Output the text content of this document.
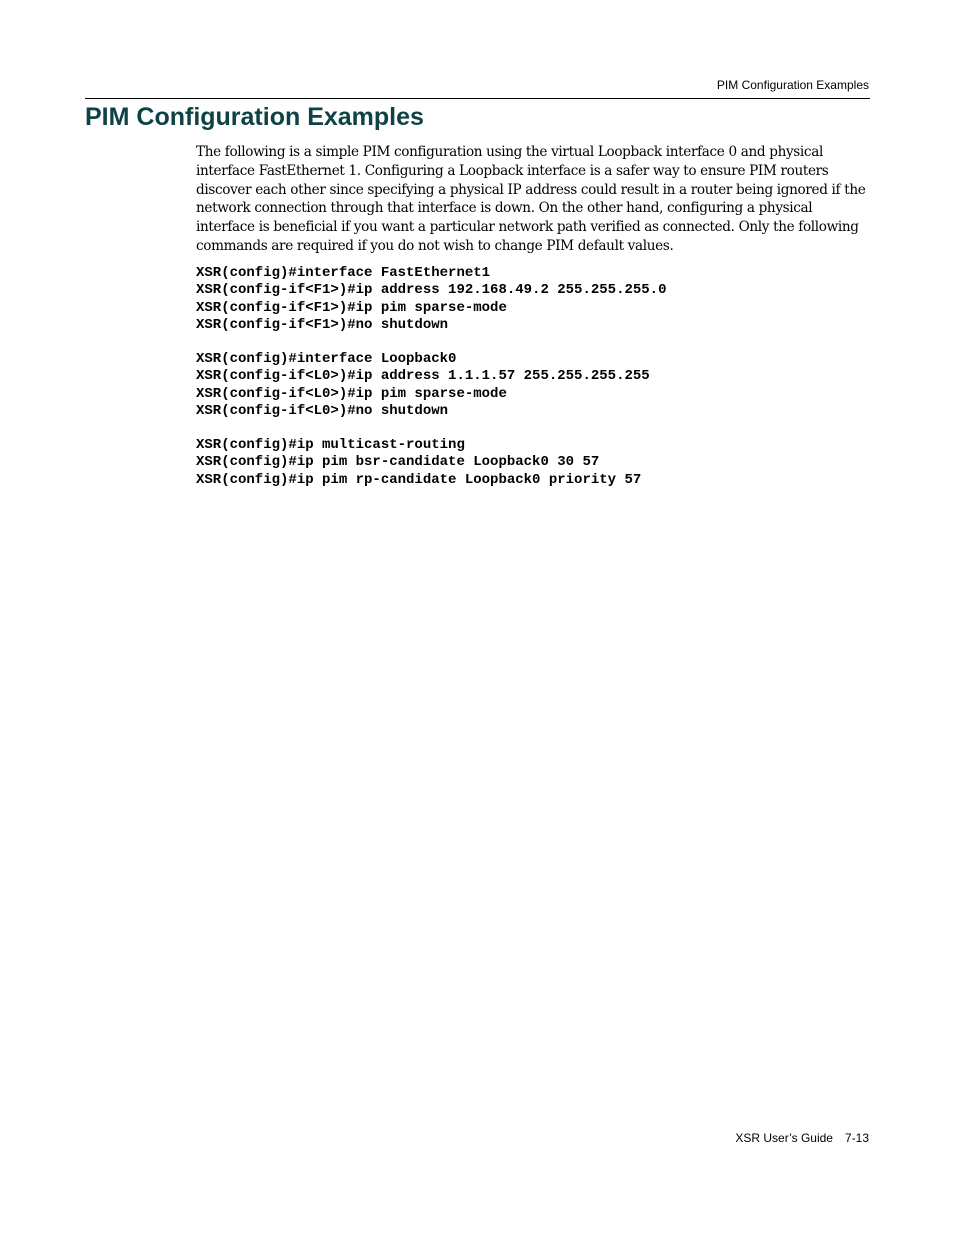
PIM Configuration Examples
PIM Configuration Examples

The following is a simple PIM configuration using the virtual Loopback interface 0 and physical interface FastEthernet 1. Configuring a Loopback interface is a safer way to ensure PIM routers discover each other since specifying a physical IP address could result in a router being ignored if the network connection through that interface is down. On the other hand, configuring a physical interface is beneficial if you want a particular network path verified as connected. Only the following commands are required if you do not wish to change PIM default values.

XSR(config)#interface FastEthernet1
XSR(config-if<F1>)#ip address 192.168.49.2 255.255.255.0
XSR(config-if<F1>)#ip pim sparse-mode
XSR(config-if<F1>)#no shutdown
XSR(config)#interface Loopback0
XSR(config-if<L0>)#ip address 1.1.1.57 255.255.255.255
XSR(config-if<L0>)#ip pim sparse-mode
XSR(config-if<L0>)#no shutdown
XSR(config)#ip multicast-routing
XSR(config)#ip pim bsr-candidate Loopback0 30 57
XSR(config)#ip pim rp-candidate Loopback0 priority 57
XSR User’s Guide 7-13
